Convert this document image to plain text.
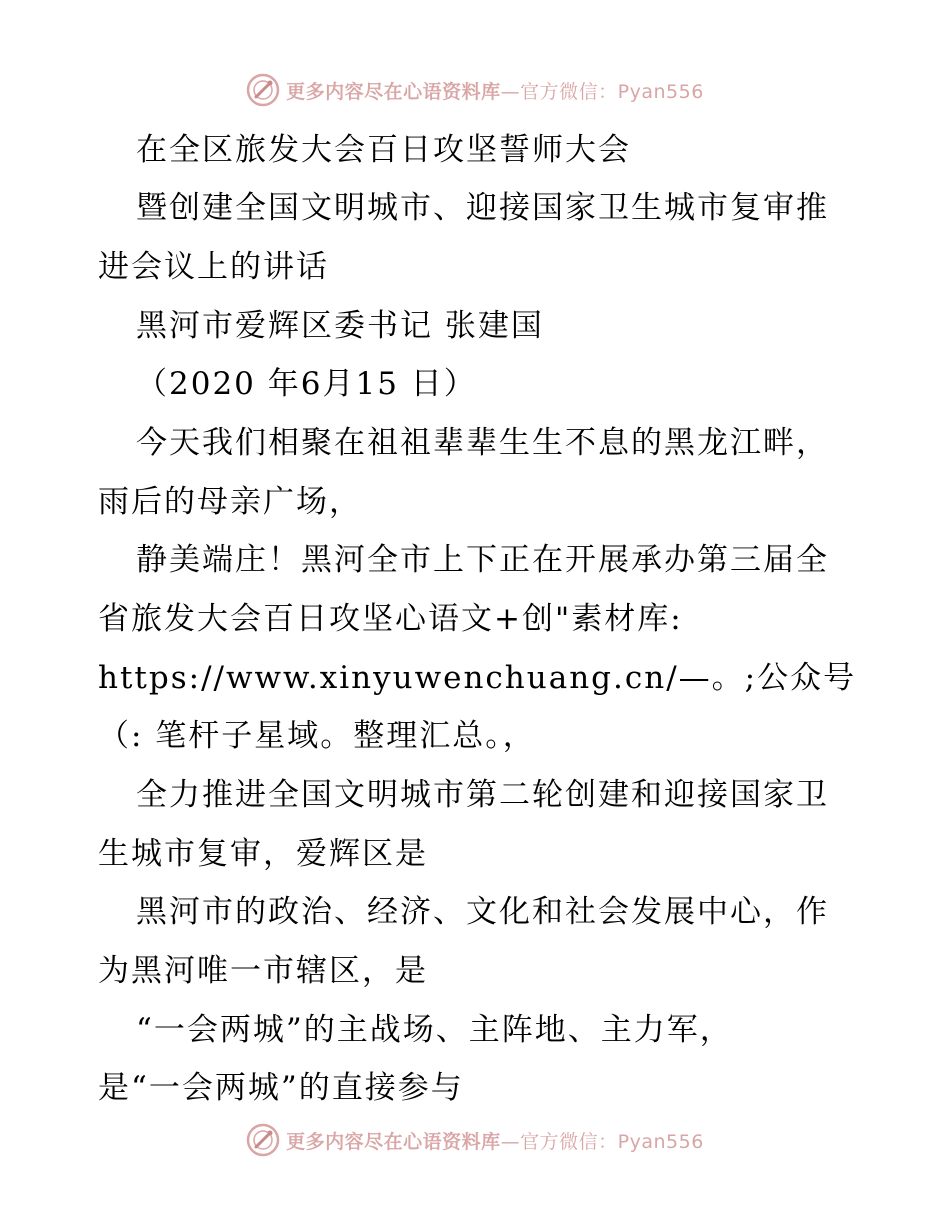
更多内容尽在心语资料库—官方微信：Pyan556
在全区旅发大会百日攻坚誓师大会
暨创建全国文明城市、迎接国家卫生城市复审推
进会议上的讲话
黑河市爱辉区委书记 张建国
（2020 年6月15 日）
今天我们相聚在祖祖辈辈生生不息的黑龙江畔，
雨后的母亲广场，
静美端庄！黑河全市上下正在开展承办第三届全
省旅发大会百日攻坚心语文+创"素材库:
https://www.xinyuwenchuang.cn/—。;公众号
（: 笔杆子星域。整理汇总。，
全力推进全国文明城市第二轮创建和迎接国家卫
生城市复审，爱辉区是
黑河市的政治、经济、文化和社会发展中心，作
为黑河唯一市辖区，是
“一会两城”的主战场、主阵地、主力军，
是“一会两城”的直接参与
更多内容尽在心语资料库—官方微信：Pyan556
